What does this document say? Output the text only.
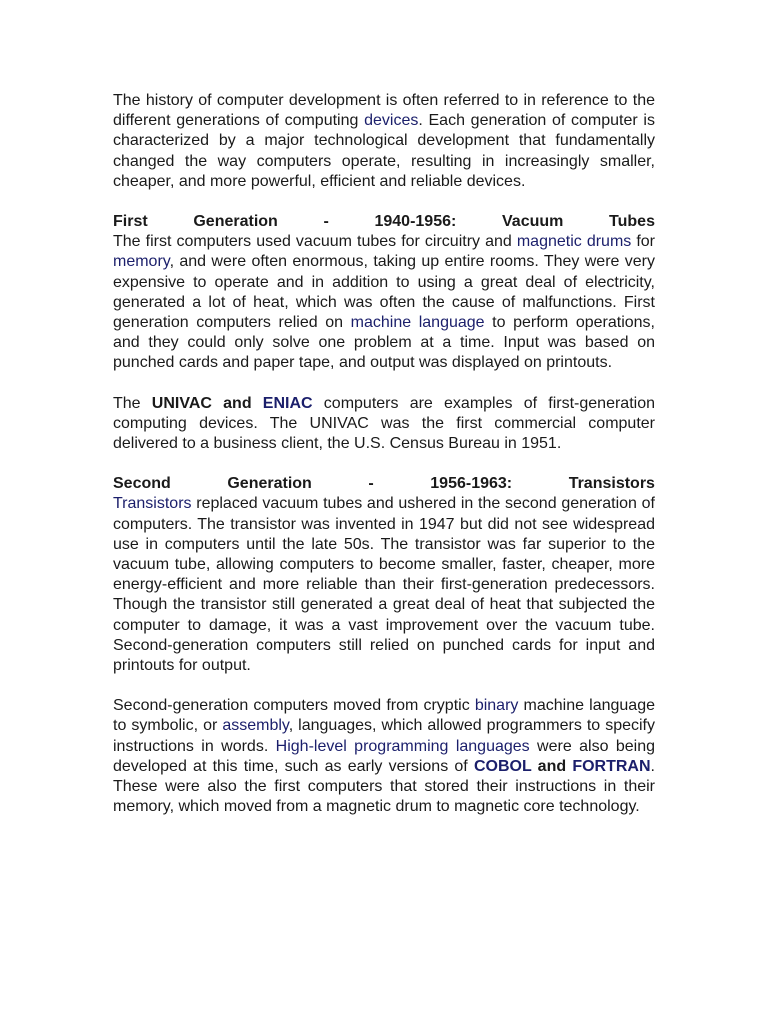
The history of computer development is often referred to in reference to the different generations of computing devices. Each generation of computer is characterized by a major technological development that fundamentally changed the way computers operate, resulting in increasingly smaller, cheaper, and more powerful, efficient and reliable devices.

First	Generation	-	1940-1956:	Vacuum	Tubes

The first computers used vacuum tubes for circuitry and magnetic drums for memory, and were often enormous, taking up entire rooms. They were very expensive to operate and in addition to using a great deal of electricity, generated a lot of heat, which was often the cause of malfunctions. First generation computers relied on machine language to perform operations, and they could only solve one problem at a time. Input was based on punched cards and paper tape, and output was displayed on printouts.

The UNIVAC and ENIAC computers are examples of first-generation computing devices. The UNIVAC was the first commercial computer delivered to a business client, the U.S. Census Bureau in 1951.

Second	Generation	-	1956-1963:	Transistors

Transistors replaced vacuum tubes and ushered in the second generation of computers. The transistor was invented in 1947 but did not see widespread use in computers until the late 50s. The transistor was far superior to the vacuum tube, allowing computers to become smaller, faster, cheaper, more energy-efficient and more reliable than their first-generation predecessors. Though the transistor still generated a great deal of heat that subjected the computer to damage, it was a vast improvement over the vacuum tube. Second-generation computers still relied on punched cards for input and printouts for output.

Second-generation computers moved from cryptic binary machine language to symbolic, or assembly, languages, which allowed programmers to specify instructions in words. High-level programming languages were also being developed at this time, such as early versions of COBOL and FORTRAN. These were also the first computers that stored their instructions in their memory, which moved from a magnetic drum to magnetic core technology.
